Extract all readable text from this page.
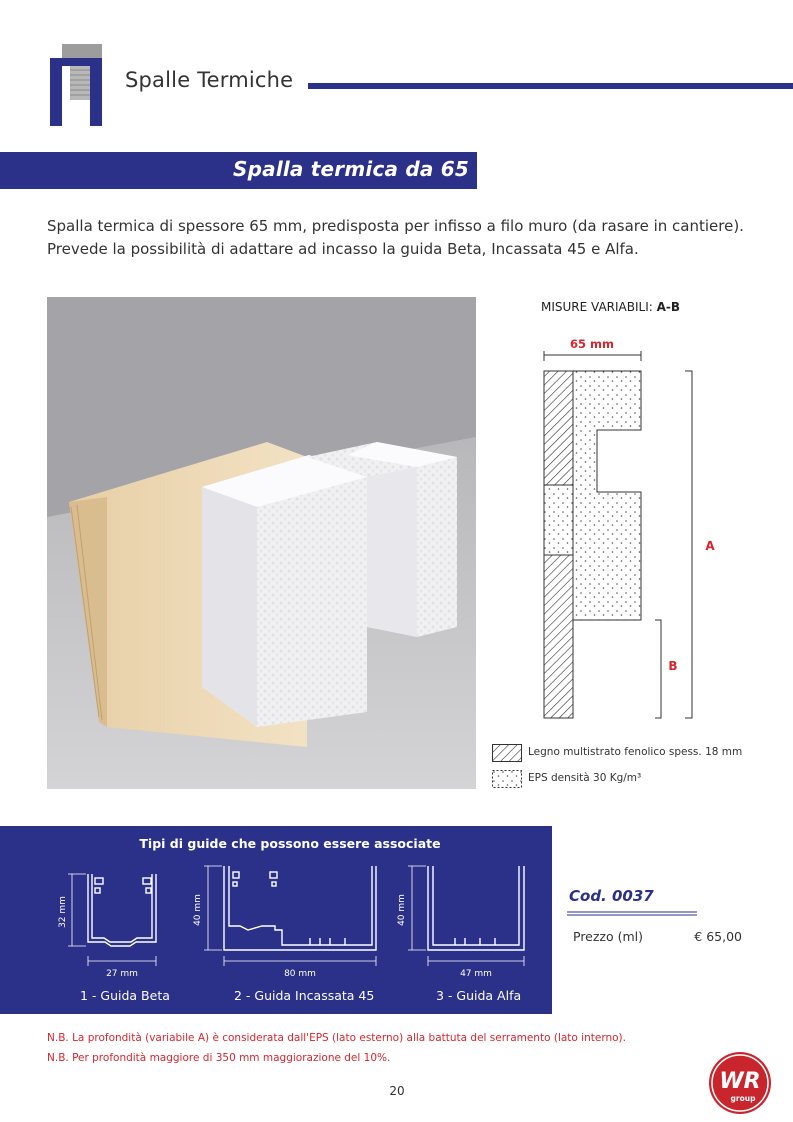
Spalle Termiche
Spalla termica da 65

Spalla termica di spessore 65 mm, predisposta per infisso a filo muro (da rasare in cantiere).

Prevede la possibilità di adattare ad incasso la guida Beta, Incassata 45 e Alfa.

MISURE VARIABILI: A-B
65 mm
A
B
Legno multistrato fenolico spess. 18 mm
EPS densità 30 Kg/m³
Tipi di guide che possono essere associate
32 mm
27 mm
40 mm
80 mm
40 mm
47 mm
1 - Guida Beta	2 - Guida Incassata 45	3 - Guida Alfa
Cod. 0037
Prezzo (ml)	€ 65,00
N.B. La profondità (variabile A) è considerata dall'EPS (lato esterno) alla battuta del serramento (lato interno).
N.B. Per profondità maggiore di 350 mm maggiorazione del 10%.
20	WR
group
